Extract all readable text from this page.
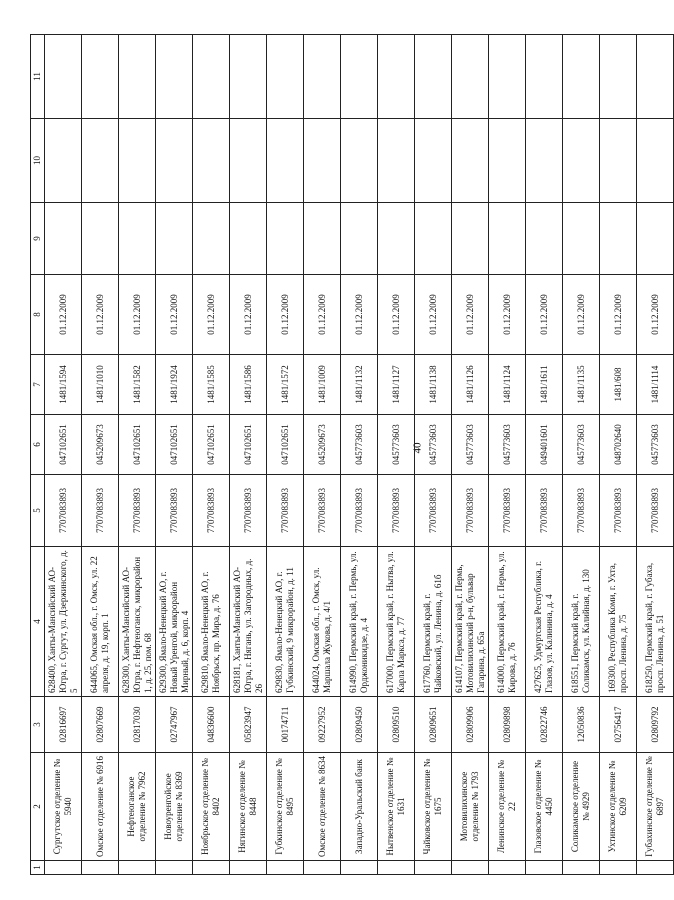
40
1	2	3	4	5	6	7	8	9	10	11
	Сургутское отделение № 5940	02816697	628400, Ханты-Мансийский АО-Югра, г. Сургут, ул. Дзержинского, д. 5	7707083893	047102651	1481/1594	01.12.2009			
	Омское отделение № 6916	02807669	644065, Омская обл., г. Омск, ул. 22 апреля, д. 19, корп. 1	7707083893	045209673	1481/1010	01.12.2009			
	Нефтеюганское отделение № 7962	02817030	628300, Ханты-Мансийский АО-Югра, г. Нефтеюганск, микрорайон 1, д. 25, пом. 68	7707083893	047102651	1481/1582	01.12.2009			
	Новоуренгойское отделение № 8369	02747967	629300, Ямало-Ненецкий АО, г. Новый Уренгой, микрорайон Мирный, д. 6, корп. 4	7707083893	047102651	1481/1924	01.12.2009			
	Ноябрьское отделение № 8402	04836600	629810, Ямало-Ненецкий АО, г. Ноябрьск, пр. Мира, д. 76	7707083893	047102651	1481/1585	01.12.2009			
	Нягинское отделение № 8448	05823947	628181, Ханты-Мансийский АО-Югра, г. Нягань, ул. Загородных, д. 26	7707083893	047102651	1481/1586	01.12.2009			
	Губкинское отделение № 8495	00174711	629830, Ямало-Ненецкий АО, г. Губкинский, 9 микрорайон, д. 11	7707083893	047102651	1481/1572	01.12.2009			
	Омское отделение № 8634	09227952	644024, Омская обл., г. Омск, ул. Маршала Жукова, д. 4/1	7707083893	045209673	1481/1009	01.12.2009			
	Западно-Уральский банк	02809450	614990, Пермский край, г. Пермь, ул. Орджоникидзе, д. 4	7707083893	045773603	1481/1132	01.12.2009			
	Нытвенское отделение № 1631	02809510	617000, Пермский край, г. Нытва, ул. Карла Маркса, д. 77	7707083893	045773603	1481/1127	01.12.2009			
	Чайковское отделение № 1675	02809651	617760, Пермский край, г. Чайковский, ул. Ленина, д. 61б	7707083893	045773603	1481/1138	01.12.2009			
	Мотовилихинское отделение № 1793	02809906	614107, Пермский край, г. Пермь, Мотовилихинский р-н, бульвар Гагарина, д. 65а	7707083893	045773603	1481/1126	01.12.2009			
	Ленинское отделение № 22	02809898	614000, Пермский край, г. Пермь, ул. Кирова, д. 76	7707083893	045773603	1481/1124	01.12.2009			
	Глазовское отделение № 4450	02822746	427625, Удмуртская Республика, г. Глазов, ул. Калинина, д. 4	7707083893	049401601	1481/1611	01.12.2009			
	Соликамское отделение № 4929	12050836	618551, Пермский край, г. Соликамск, ул. Калийная, д. 130	7707083893	045773603	1481/1135	01.12.2009			
	Ухтинское отделение № 6209	02756417	169300, Республика Коми, г. Ухта, просп. Ленина, д. 75	7707083893	048702640	1481/608	01.12.2009			
	Губахинское отделение № 6897	02809792	618250, Пермский край, г. Губаха, просп. Ленина, д. 51	7707083893	045773603	1481/1114	01.12.2009			
